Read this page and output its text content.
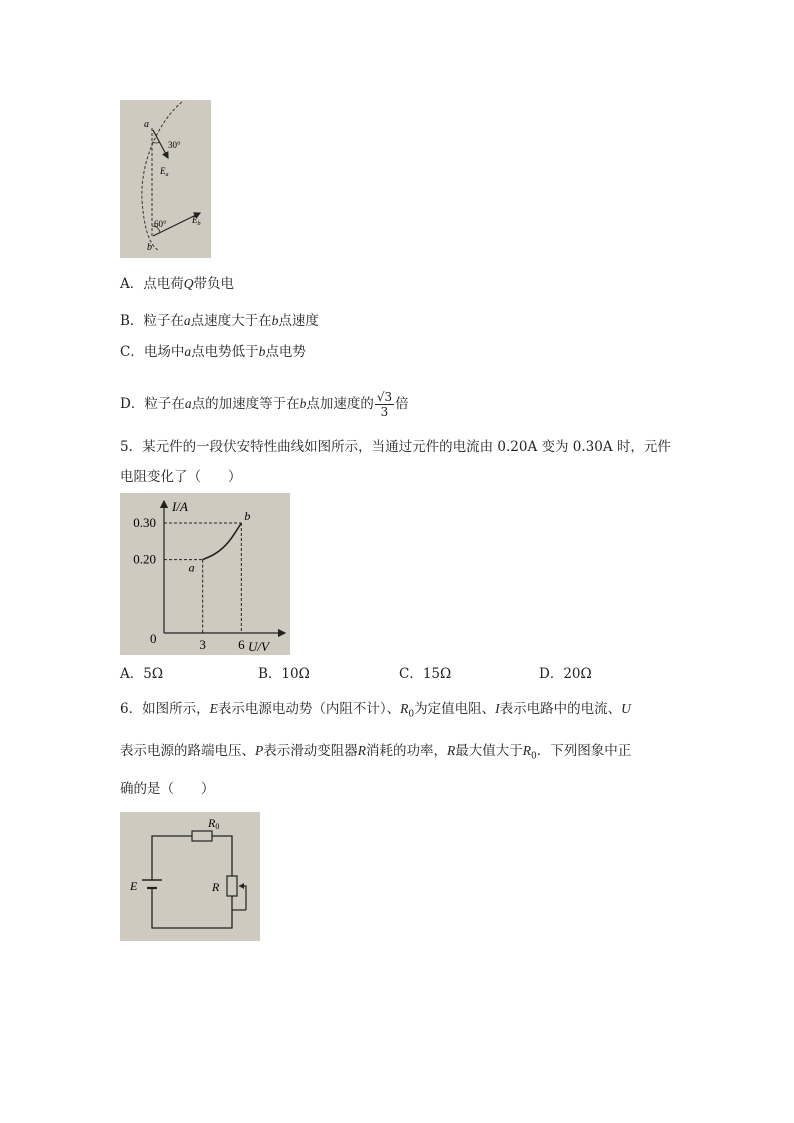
a
30°
$E_a$
60°	$E_b$
b
A．点电荷Q带负电
B．粒子在a点速度大于在b点速度
C．电场中a点电势低于b点电势
D．粒子在a点的加速度等于在b点加速度的 $\frac{√3}{3}$ 倍
5．某元件的一段伏安特性曲线如图所示，当通过元件的电流由 0.20A 变为 0.30A 时，元件
电阻变化了（　　）
I/A
U/V
0	3 6
0.20
0.30
a
b
A．5Ω	B．10Ω	C．15Ω	D．20Ω
6．如图所示，E表示电源电动势（内阻不计）、$R_0$为定值电阻、I表示电路中的电流、U
表示电源的路端电压、P表示滑动变阻器R消耗的功率，R最大值大于$R_0$．下列图象中正
确的是（　　）
R0
E	R
